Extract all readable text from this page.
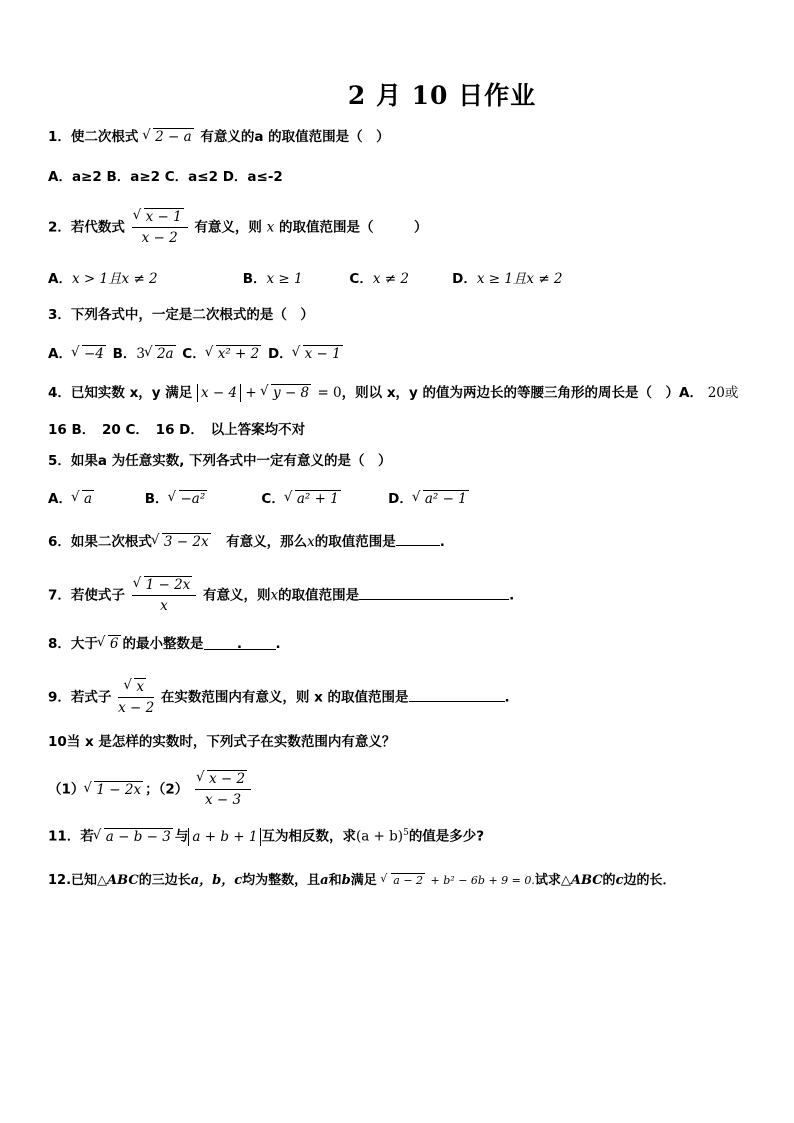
2 月 10 日作业
1．使二次根式 √ 2 − a 有意义的a 的取值范围是（　）
A．a≥2 B．a≥2 C．a≤2 D．a≤-2
2．若代数式 √ $\frac{x - 1}{x - 2}$ 有意义，则 x 的取值范围是（　　　）
A．x > 1且x ≠ 2	B．x ≥ 1	C．x ≠ 2	D．x ≥ 1且x ≠ 2
3．下列各式中，一定是二次根式的是（　）
A． √ −4 B．3 √ 2a C． √ x² + 2 D． √ x − 1
4．已知实数 x，y 满足 x − 4 + √ y − 8 = 0，则以 x，y 的值为两边长的等腰三角形的周长是（　）A． 20或
16 B．　20 C．　16 D．　以上答案均不对
5．如果a 为任意实数, 下列各式中一定有意义的是（　）
A． √ a	B． √ −a²	C． √ a² + 1	D． √ a² − 1
6．如果二次根式 √ 3 − 2x　有意义，那么x的取值范围是	.
7．若使式子 √ $\frac{1 - 2x}{x}$ 有意义，则x的取值范围是	.
8．大于 √ 6 的最小整数是 . .
9．若式子 √ $\frac{x}{x - 2}$ 在实数范围内有意义，则 x 的取值范围是	.
10当 x 是怎样的实数时，下列式子在实数范围内有意义？
（1） √ 1 − 2x ；（2） √ $\frac{x - 2}{x - 3}$
11．若 √ a − b − 3 与 a + b + 1 互为相反数，求$(a + b)^5$的值是多少?
12.已知△ABC的三边长a，b，c均为整数，且a和b满足 √ a − 2 + b² − 6b + 9 = 0.试求△ABC的c边的长．
